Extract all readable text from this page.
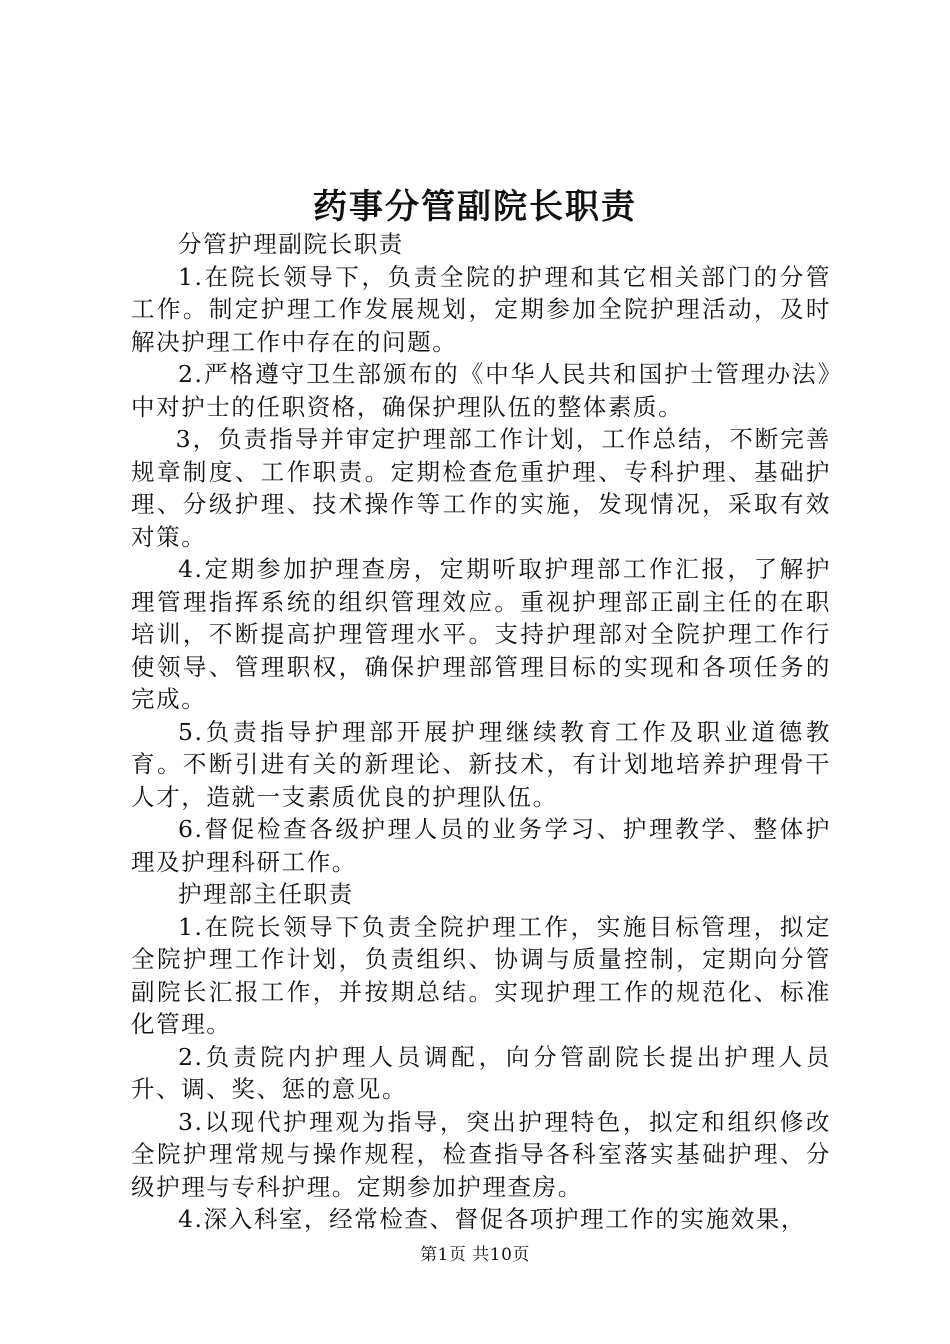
药事分管副院长职责

分管护理副院长职责

1.在院长领导下，负责全院的护理和其它相关部门的分管工作。制定护理工作发展规划，定期参加全院护理活动，及时解决护理工作中存在的问题。

2.严格遵守卫生部颁布的《中华人民共和国护士管理办法》中对护士的任职资格，确保护理队伍的整体素质。

3，负责指导并审定护理部工作计划，工作总结，不断完善规章制度、工作职责。定期检查危重护理、专科护理、基础护理、分级护理、技术操作等工作的实施，发现情况，采取有效对策。

4.定期参加护理查房，定期听取护理部工作汇报，了解护理管理指挥系统的组织管理效应。重视护理部正副主任的在职培训，不断提高护理管理水平。支持护理部对全院护理工作行使领导、管理职权，确保护理部管理目标的实现和各项任务的完成。

5.负责指导护理部开展护理继续教育工作及职业道德教育。不断引进有关的新理论、新技术，有计划地培养护理骨干人才，造就一支素质优良的护理队伍。

6.督促检查各级护理人员的业务学习、护理教学、整体护理及护理科研工作。

护理部主任职责

1.在院长领导下负责全院护理工作，实施目标管理，拟定全院护理工作计划，负责组织、协调与质量控制，定期向分管副院长汇报工作，并按期总结。实现护理工作的规范化、标准化管理。

2.负责院内护理人员调配，向分管副院长提出护理人员升、调、奖、惩的意见。

3.以现代护理观为指导，突出护理特色，拟定和组织修改全院护理常规与操作规程，检查指导各科室落实基础护理、分级护理与专科护理。定期参加护理查房。

4.深入科室，经常检查、督促各项护理工作的实施效果，

第1页 共10页
